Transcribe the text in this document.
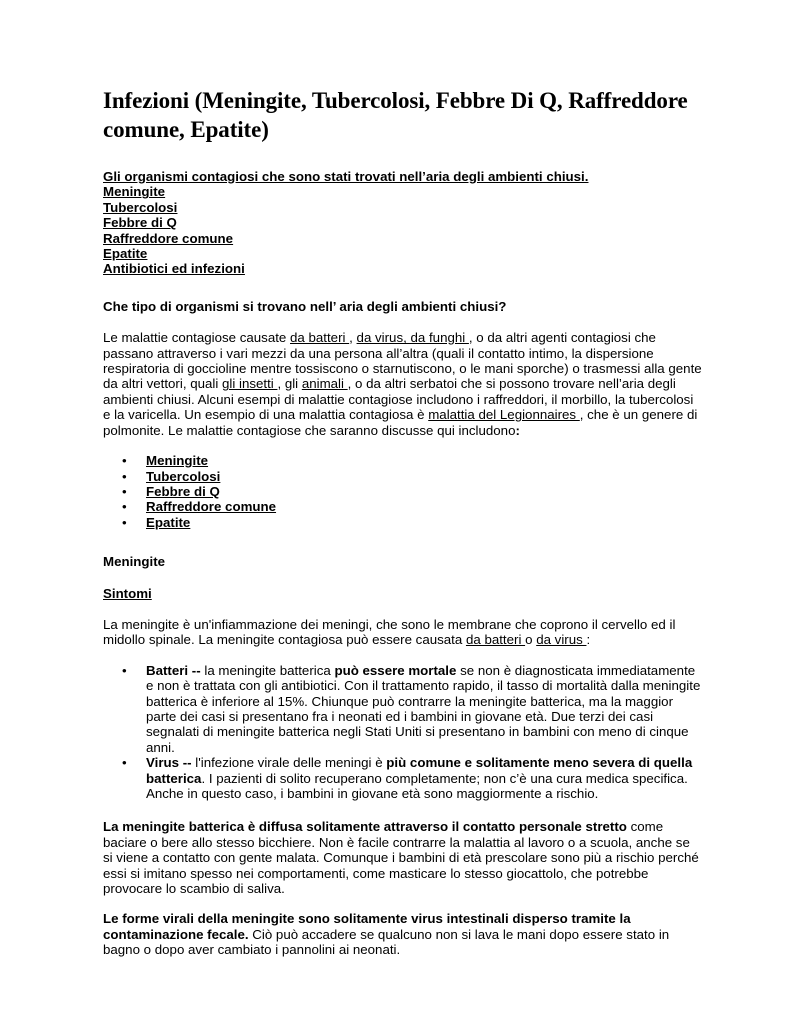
Infezioni (Meningite, Tubercolosi, Febbre Di Q, Raffreddore comune, Epatite)
Gli organismi contagiosi che sono stati trovati nell’aria degli ambienti chiusi.
Meningite
Tubercolosi
Febbre di Q
Raffreddore comune
Epatite
Antibiotici ed infezioni
Che tipo di organismi si trovano nell’ aria degli ambienti chiusi?

Le malattie contagiose causate da batteri , da virus, da funghi , o da altri agenti contagiosi che passano attraverso i vari mezzi da una persona all’altra (quali il contatto intimo, la dispersione respiratoria di goccioline mentre tossiscono o starnutiscono, o le mani sporche) o trasmessi alla gente da altri vettori, quali gli insetti , gli animali , o da altri serbatoi che si possono trovare nell’aria degli ambienti chiusi. Alcuni esempi di malattie contagiose includono i raffreddori, il morbillo, la tubercolosi e la varicella. Un esempio di una malattia contagiosa è malattia del Legionnaires , che è un genere di polmonite. Le malattie contagiose che saranno discusse qui includono:

• Meningite
• Tubercolosi
• Febbre di Q
• Raffreddore comune
• Epatite
Meningite
Sintomi

La meningite è un'infiammazione dei meningi, che sono le membrane che coprono il cervello ed il midollo spinale. La meningite contagiosa può essere causata da batteri o da virus :

• Batteri -- la meningite batterica può essere mortale se non è diagnosticata immediatamente e non è trattata con gli antibiotici. Con il trattamento rapido, il tasso di mortalità dalla meningite batterica è inferiore al 15%. Chiunque può contrarre la meningite batterica, ma la maggior parte dei casi si presentano fra i neonati ed i bambini in giovane età. Due terzi dei casi segnalati di meningite batterica negli Stati Uniti si presentano in bambini con meno di cinque anni.
• Virus -- l'infezione virale delle meningi è più comune e solitamente meno severa di quella batterica. I pazienti di solito recuperano completamente; non c’è una cura medica specifica. Anche in questo caso, i bambini in giovane età sono maggiormente a rischio.

La meningite batterica è diffusa solitamente attraverso il contatto personale stretto come baciare o bere allo stesso bicchiere. Non è facile contrarre la malattia al lavoro o a scuola, anche se si viene a contatto con gente malata. Comunque i bambini di età prescolare sono più a rischio perché essi si imitano spesso nei comportamenti, come masticare lo stesso giocattolo, che potrebbe provocare lo scambio di saliva.

Le forme virali della meningite sono solitamente virus intestinali disperso tramite la contaminazione fecale. Ciò può accadere se qualcuno non si lava le mani dopo essere stato in bagno o dopo aver cambiato i pannolini ai neonati.
